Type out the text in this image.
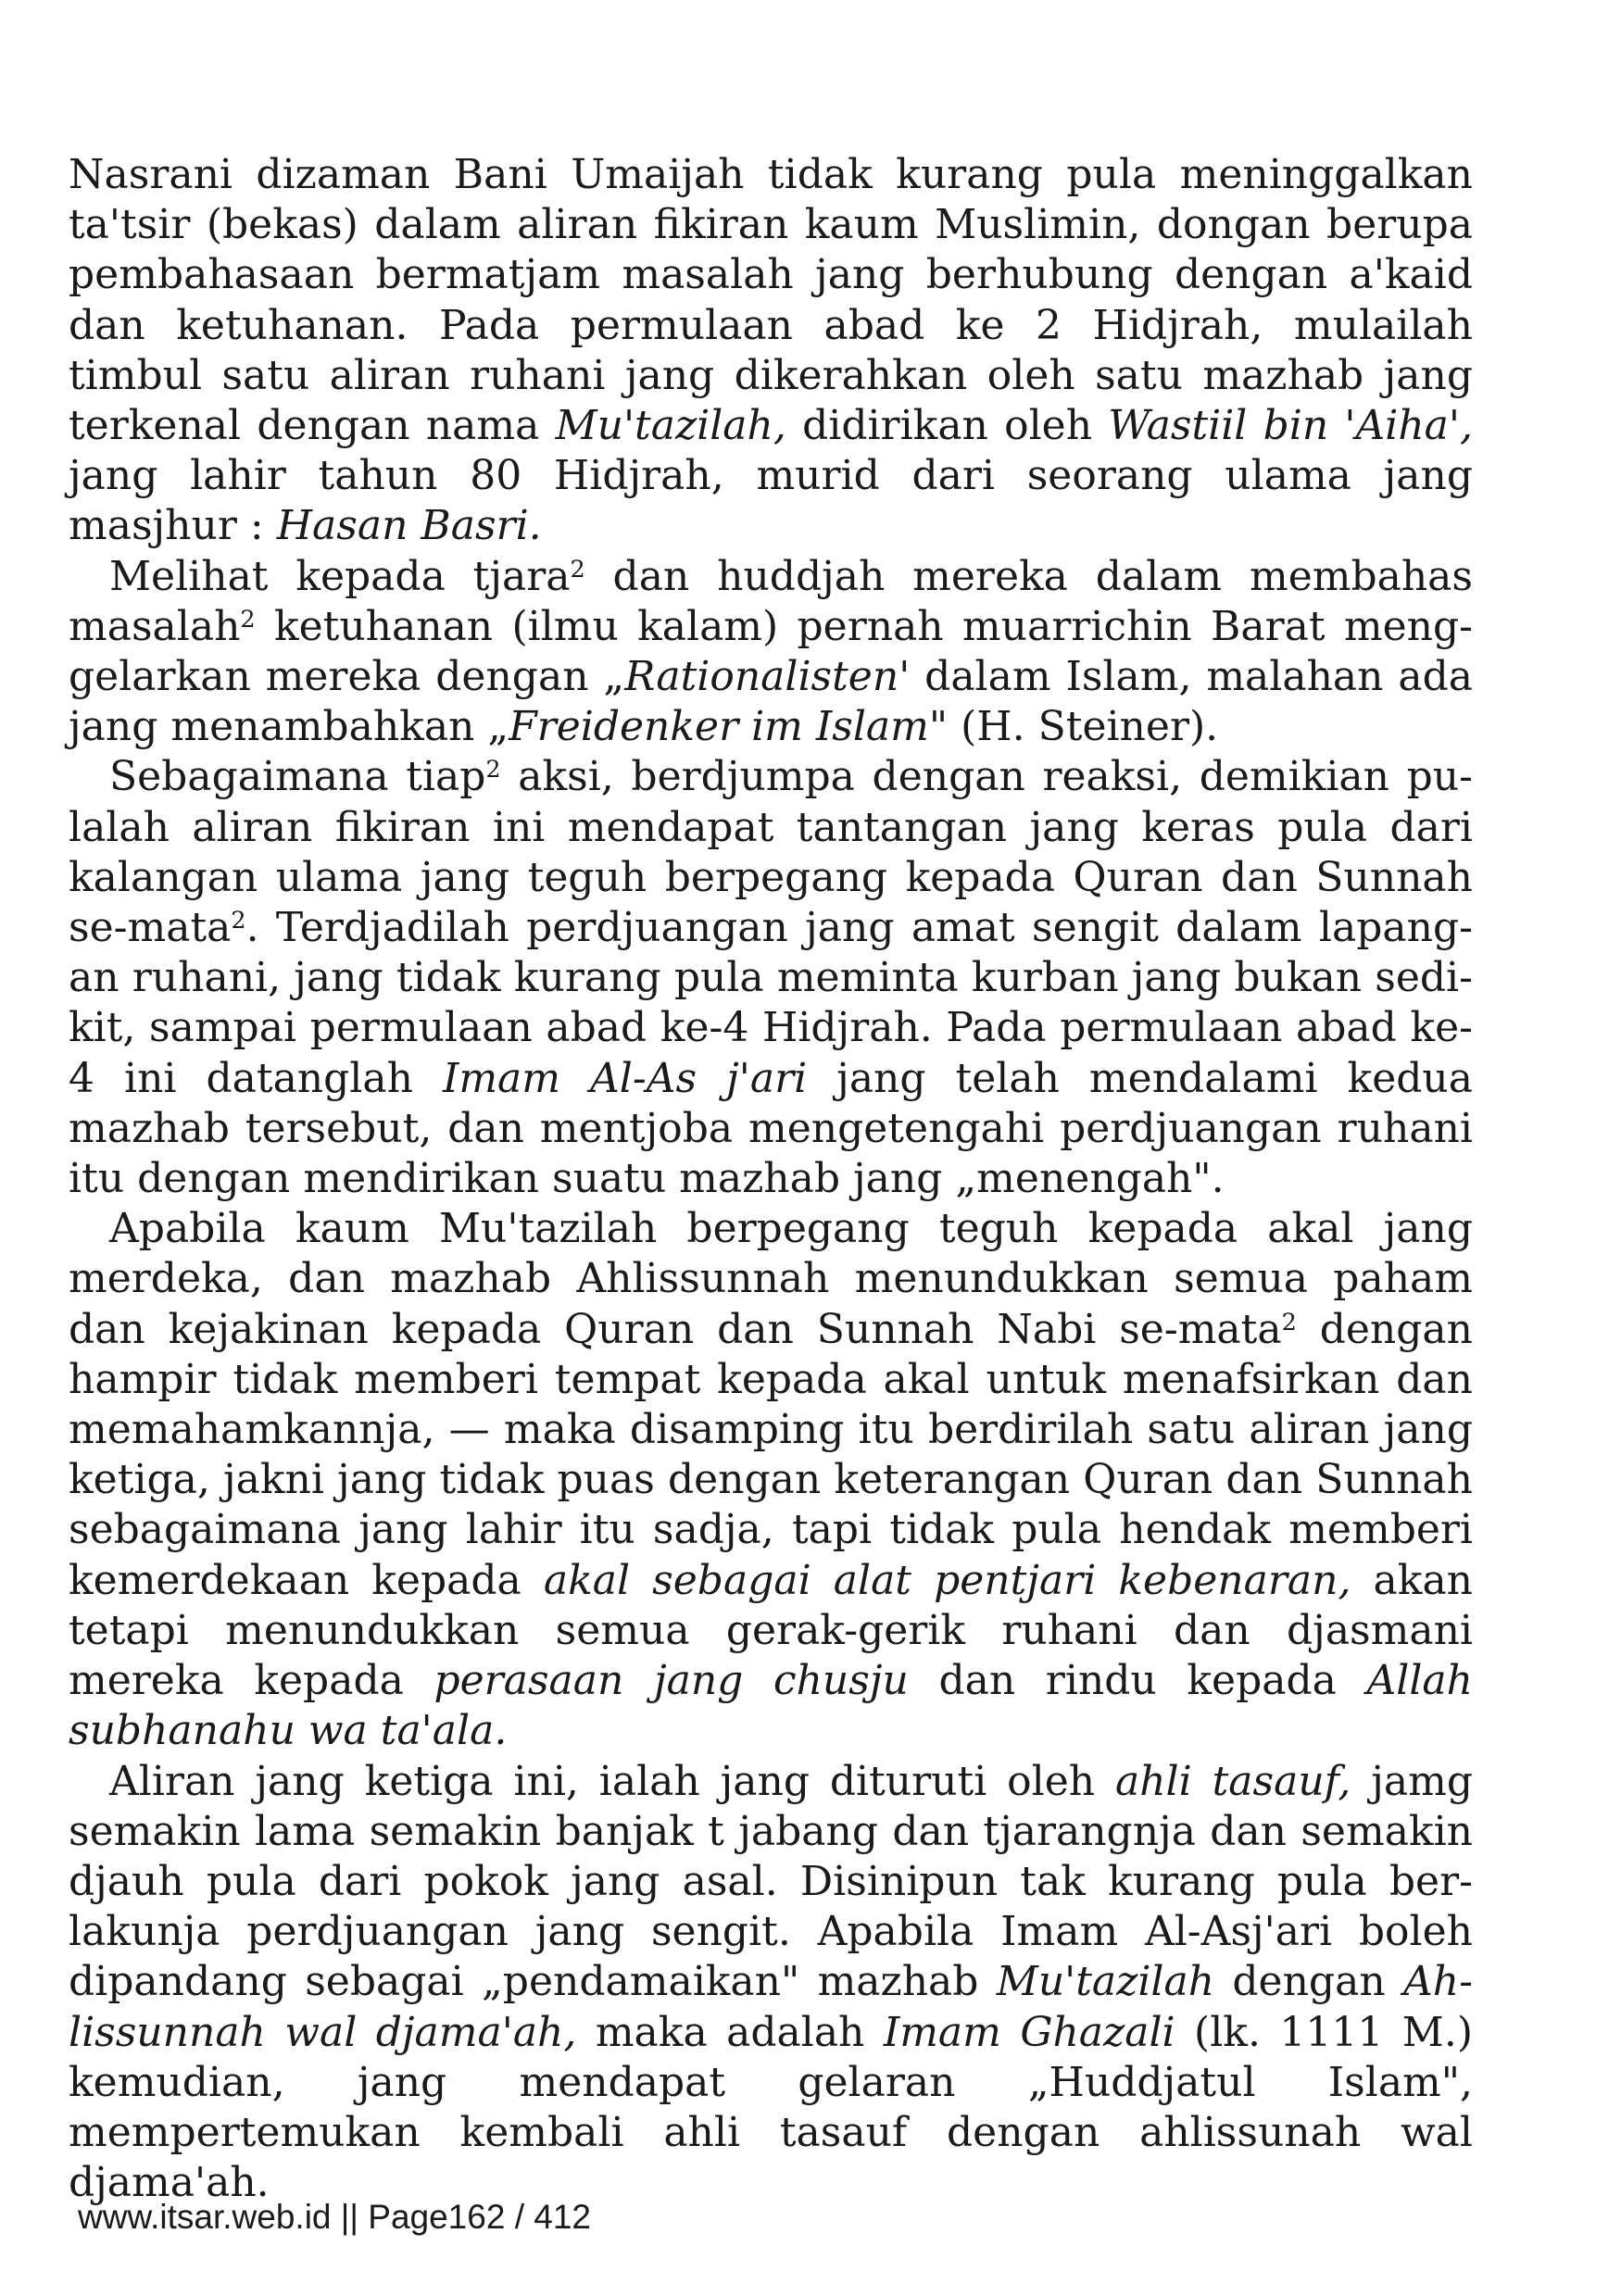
Nasrani dizaman Bani Umaijah tidak kurang pula meninggalkan ta'tsir (bekas) dalam aliran fikiran kaum Muslimin, dongan berupa pembahasaan bermatjam masalah jang berhubung dengan a'kaid dan ketuhanan. Pada permulaan abad ke 2 Hidjrah, mulailah timbul satu aliran ruhani jang dikerahkan oleh satu mazhab jang terkenal dengan nama Mu'tazilah, didirikan oleh Wastiil bin 'Aiha', jang lahir tahun 80 Hidjrah, murid dari seorang ulama jang masjhur : Hasan Basri.

Melihat kepada tjara$^2$ dan huddjah mereka dalam membahas masalah$^2$ ketuhanan (ilmu kalam) pernah muarrichin Barat menggelarkan mereka dengan „Rationalisten' dalam Islam, malahan ada jang menambahkan „Freidenker im Islam" (H. Steiner).

Sebagaimana tiap$^2$ aksi, berdjumpa dengan reaksi, demikian pulalah aliran fikiran ini mendapat tantangan jang keras pula dari kalangan ulama jang teguh berpegang kepada Quran dan Sunnah se-mata$^2$. Terdjadilah perdjuangan jang amat sengit dalam lapangan ruhani, jang tidak kurang pula meminta kurban jang bukan sedikit, sampai permulaan abad ke-4 Hidjrah. Pada permulaan abad ke-4 ini datanglah Imam Al-As j'ari jang telah mendalami kedua mazhab tersebut, dan mentjoba mengetengahi perdjuangan ruhani itu dengan mendirikan suatu mazhab jang „menengah".

Apabila kaum Mu'tazilah berpegang teguh kepada akal jang merdeka, dan mazhab Ahlissunnah menundukkan semua paham dan kejakinan kepada Quran dan Sunnah Nabi se-mata$^2$ dengan hampir tidak memberi tempat kepada akal untuk menafsirkan dan memahamkannja, — maka disamping itu berdirilah satu aliran jang ketiga, jakni jang tidak puas dengan keterangan Quran dan Sunnah sebagaimana jang lahir itu sadja, tapi tidak pula hendak memberi kemerdekaan kepada akal sebagai alat pentjari kebenaran, akan tetapi menundukkan semua gerak-gerik ruhani dan djasmani mereka kepada perasaan jang chusju dan rindu kepada Allah subhanahu wa ta'ala.

Aliran jang ketiga ini, ialah jang dituruti oleh ahli tasauf, jamg semakin lama semakin banjak t jabang dan tjarangnja dan semakin djauh pula dari pokok jang asal. Disinipun tak kurang pula berlakunja perdjuangan jang sengit. Apabila Imam Al-Asj'ari boleh dipandang sebagai „pendamaikan" mazhab Mu'tazilah dengan Ahlissunnah wal djama'ah, maka adalah Imam Ghazali (lk. 1111 M.) kemudian, jang mendapat gelaran „Huddjatul Islam", mempertemukan kembali ahli tasauf dengan ahlissunah wal djama'ah.

www.itsar.web.id || Page162 / 412
